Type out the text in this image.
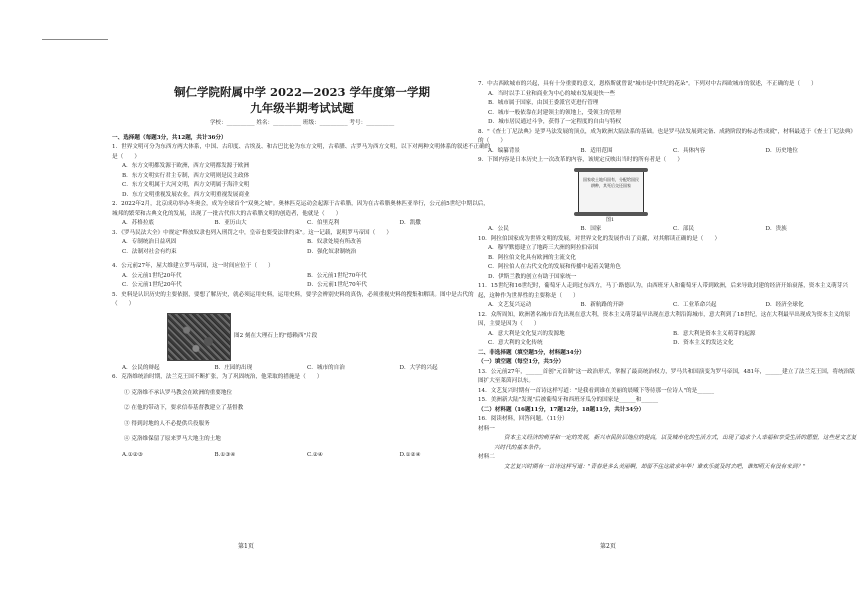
铜仁学院附属中学 2022—2023 学年度第一学期
九年级半期考试试题
学校：__________ 姓名：__________ 班级：__________ 考号：__________
一、选择题（每题3分，共12题，共计36分）
1．世界文明可分为东西方两大体系，中国、古印度、古埃及、和古巴比伦为东方文明，古希腊、古罗马为西方文明，以下对两种文明体系的叙述不正确的是（　　）
A．东方文明都发源于欧洲，西方文明都发源于欧洲
B．东方文明实行君主专制，西方文明则是民主政体
C．东方文明属于大河文明，西方文明属于海洋文明
D．东方文明重视发展农业，西方文明重视发展商业
2．2022年2月，北京成功举办冬奥会，成为全球首个"双奥之城"。奥林匹克运动会起源于古希腊，因为在古希腊奥林匹亚举行，公元前5世纪中期以后，城邦的繁荣和古典文化的发展，出现了一批古代伟大的古希腊文明的创造者，他就是（　　）
A．苏格拉底	B．亚历山大	C．伯里克利	D．凯撒
3．《罗马民法大全》中规定"释放奴隶也列入刑罚之中，皇帝也要受法律约束"。这一记载，说明罗马帝国（　　）
A．专制统治日益巩固	B．奴隶处境有所改善
C．法制对社会有约束	D．强化奴隶制统治
4．公元前27年，屋大维建立罗马帝国，这一时间应位于（　　）
A．公元前1世纪20年代	B．公元前1世纪70年代
C．公元前1世纪20年代	D．公元前1世纪70年代
5．史料是认识历史的主要依据，要想了解历史，就必须运用史料，运用史料，要学会辨别史料的真伪，必须重视史料的搜集和解读。图中是古代的（　　）
图2 刻在大理石上的"德赖西"片段
A．公民的辩起	B．庄园的出现	C．城市的自治	D．大学的兴起
6．克洛维统治时期，法兰克王国不断扩张，为了巩固统治，他采取的措施是（　　）
① 克洛维不承认罗马教会在欧洲的重要地位
② 在他的带动下，要求信奉基督教建立了基督教
③ 得到封地的人不必提供兵役服务
④ 克洛维保留了原来罗马大地主的土地
A.①②③	B.①③④	C.②④	D.①②④
第1页
7．中古西欧城市的兴起，具有十分重要的意义，恩格斯就曾说"城市是中世纪的花朵"。下列对中古西欧城市的叙述，不正确的是（　　）
A．当时以手工业和商业为中心的城市发展更快一些
B．城市属于国家，由国王委派官吏进行管理
C．城市一般依靠在封建领主的领地上，受领主的管理
D．城市居民通过斗争，获得了一定程度的自由与特权
8．"《查士丁尼法典》是罗马法发展的顶点，成为欧洲大陆法系的基础。也是罗马法发展到完备、成熟阶段的标志性成就"，材料最适于《查士丁尼法典》的（　　）
A．编纂背景	B．适用范围	C．具体内容	D．历史地位
9．下图内容是日本历史上一次改革的内容，该规定反映出当时的所有者是（　　）
国家收土地归国有，分配给国民耕种，其死后交还国家
图1
A．公民	B．国家	C．部民	D．贵族
10．阿拉伯国家成为世界文明的发展，对世界文化的发展作出了贡献，对其解读正确的是（　　）
A．穆罕默德建立了地跨三大洲的阿拉伯帝国
B．阿拉伯文化具有欧洲的主流文化
C．阿拉伯人在古代文化的发展和传播中起着关键角色
D．伊斯兰教的创立有助于国家统一
11．15世纪和16世纪时，葡萄牙人走到过东西方，马丁·路德认为，由西班牙人和葡萄牙人带到欧洲，后来导致封建的经济开始衰落，资本主义萌芽兴起，这种作为世界性的主要称是（　　）
A．文艺复兴运动	B．新航路的开辟	C．工业革命兴起	D．经济全球化
12．众所周知，欧洲著名城市首先出现在意大利，资本主义萌芽最早出现在意大利沿海城市，意大利到了18世纪，这在大利最早出现成为资本主义的原因，主要是因为（　　）
A．意大利是文化复兴的发源地	B．意大利是资本主义萌芽的起源
C．意大利的文化传统	D．资本主义的发达文化
二、非选择题（填空题5分，材料题34分）
（一）填空题（每空1分，共5分）
13．公元前27年，______首创"元首制"这一政治形式，掌握了最高统治权力，罗马共和国演变为罗马帝国，481年，______建立了法兰克王国，将统治版图扩大至莱茵河以东。
14．文艺复兴时期有一首诗这样写道："是我看到谁在美丽的晨曦下等待那一位诗人"的是______
15．美洲新大陆"发现"后被葡萄牙和西班牙瓜分的国家是______和______
（二）材料题（16题11分，17题12分，18题11分，共计34分）
16．阅读材料，回答问题。（11分）
材料一
资本主义经济的萌芽和一定的发展，新兴市民阶层地位的提高，以及城市化的生活方式，出现了追求个人幸福和享受生活的愿望，这些是文艺复兴时代的基本条件。
材料二
文艺复兴时期有一首诗这样写道："青春是多么美丽啊，却留不住这欲求年华！谁欢乐就及时去吧，谁知明天有没有来到？"
第2页
